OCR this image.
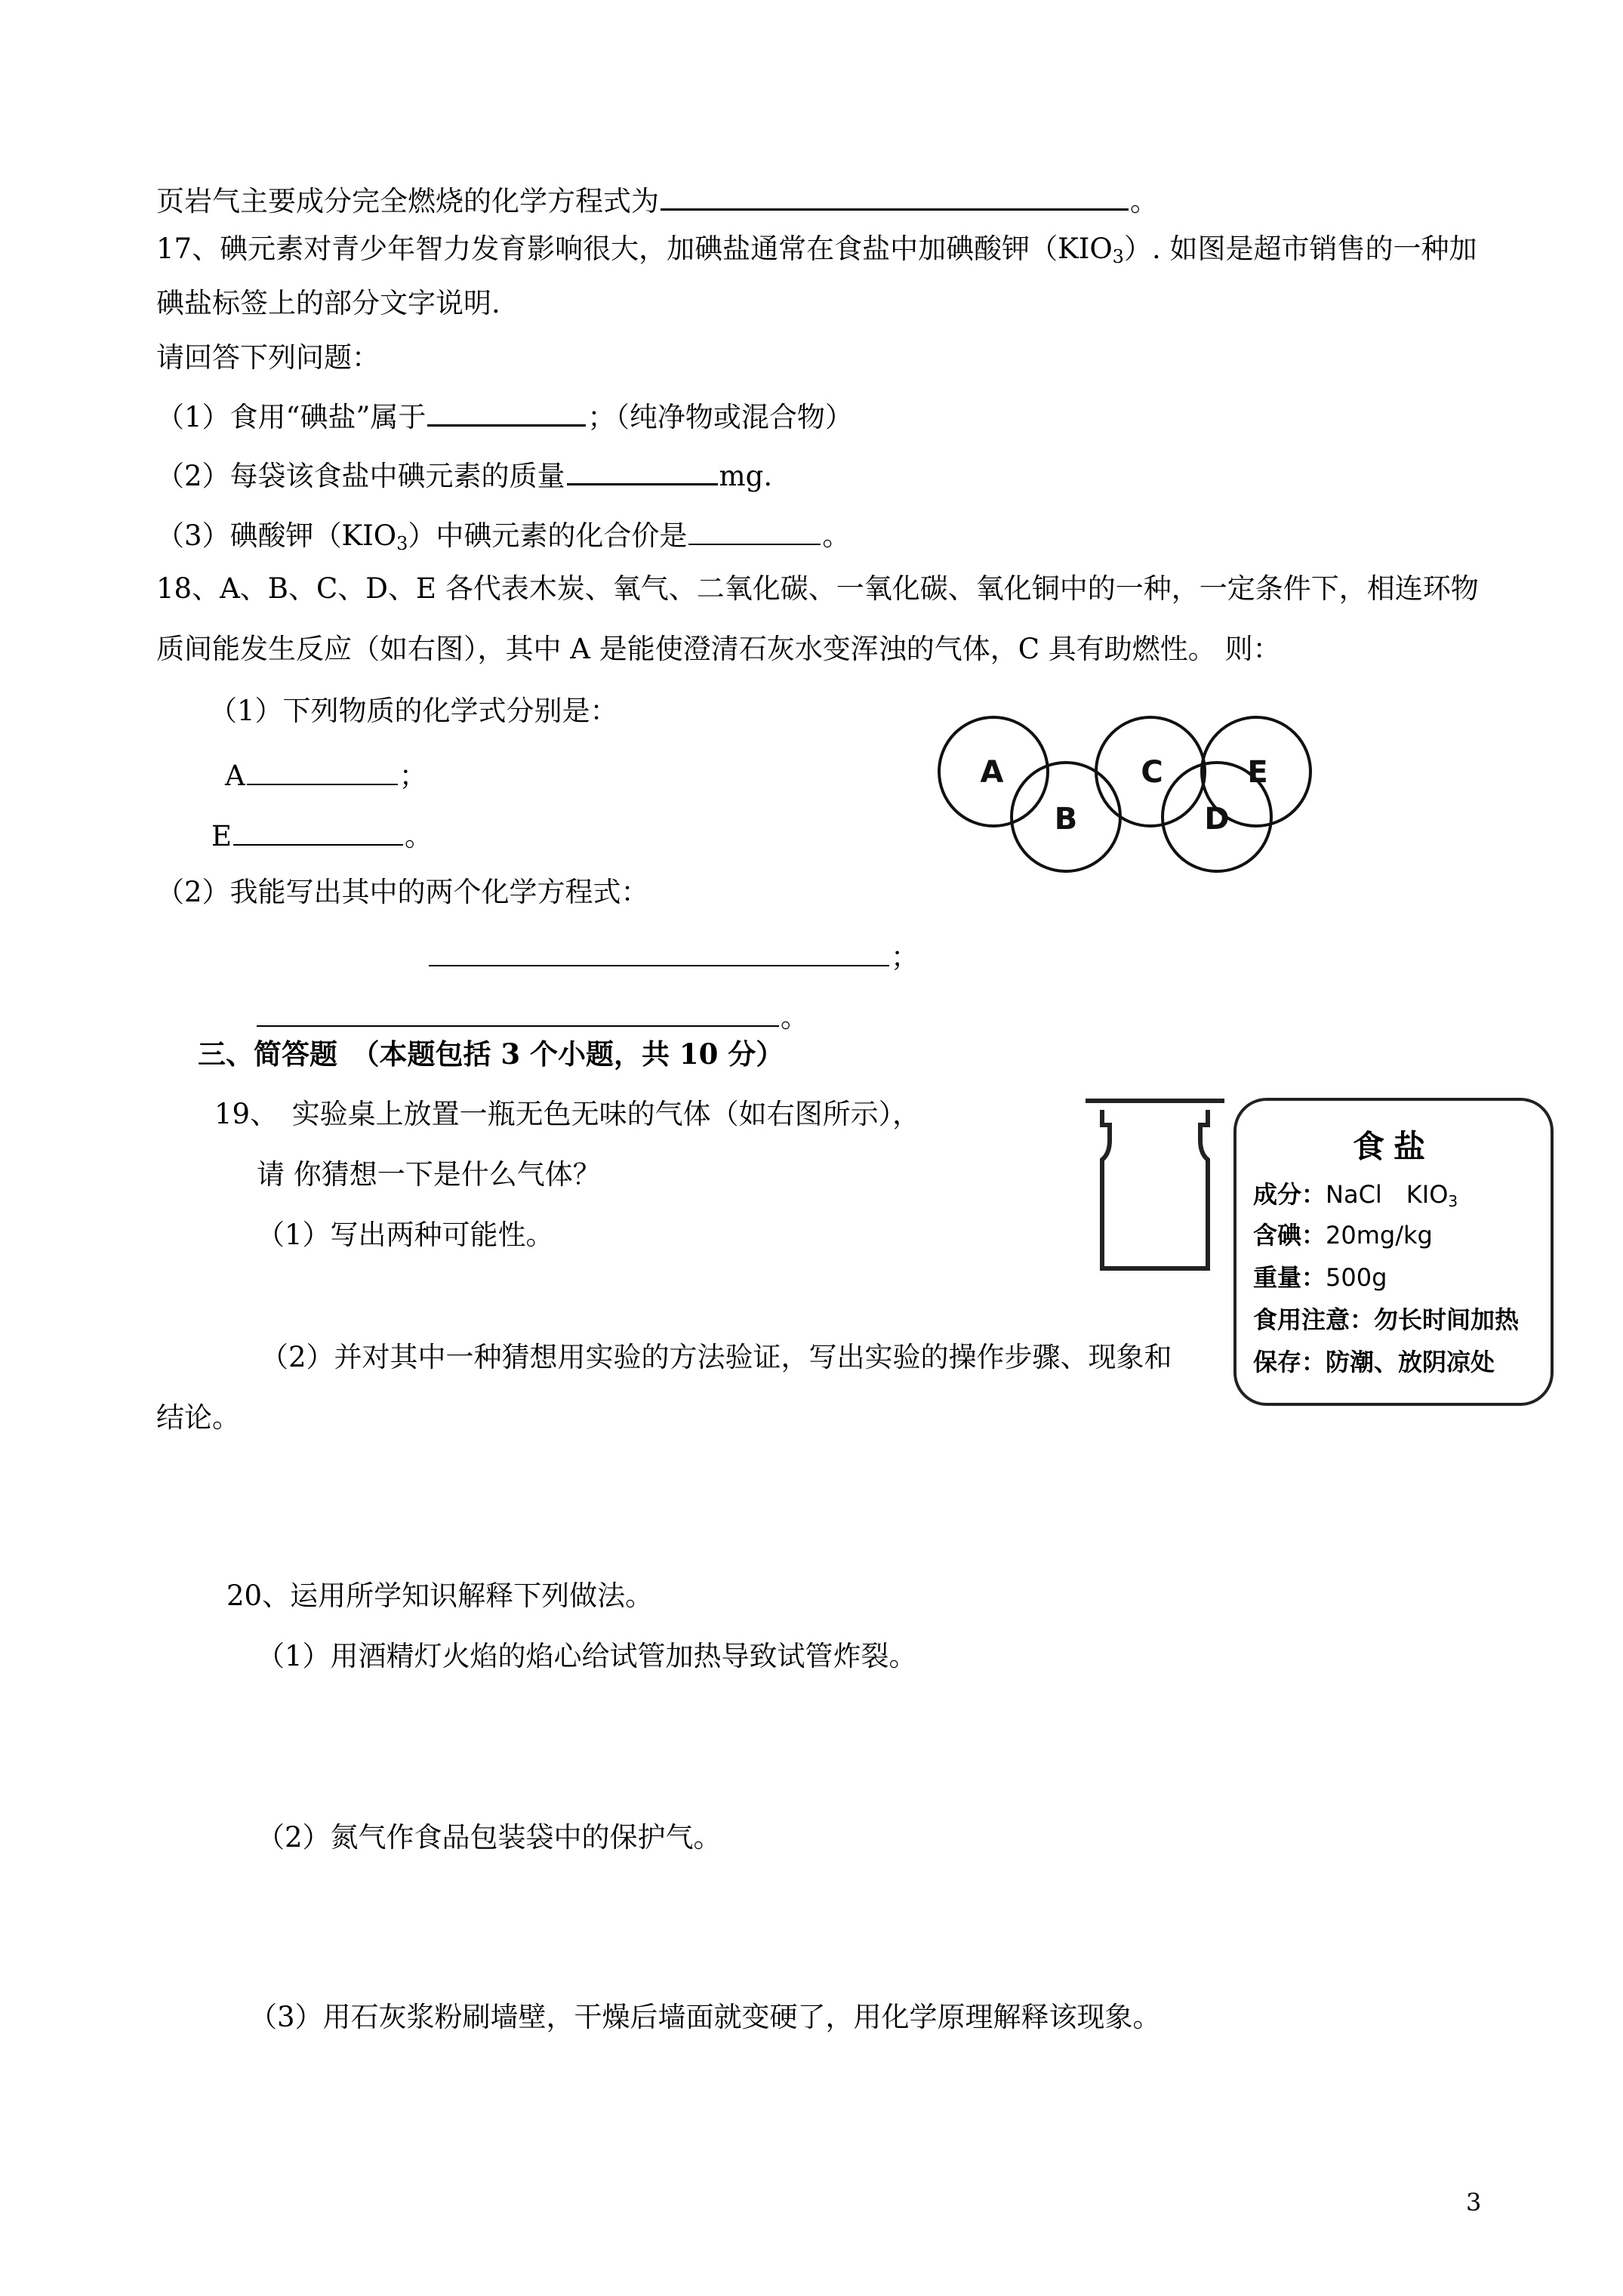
页岩气主要成分完全燃烧的化学方程式为	。
17、碘元素对青少年智力发育影响很大，加碘盐通常在食盐中加碘酸钾$(KIO_3)$. 如图是超市销售的一种加
碘盐标签上的部分文字说明.
请回答下列问题：
（1）食用“碘盐”属于	；（纯净物或混合物）
（2）每袋该食盐中碘元素的质量	mg.
（3）碘酸钾$(KIO_3)$中碘元素的化合价是	。
18、A、B、C、D、E 各代表木炭、氧气、二氧化碳、一氧化碳、氧化铜中的一种，一定条件下，相连环物
质间能发生反应（如右图），其中 A 是能使澄清石灰水变浑浊的气体，C 具有助燃性。 则：
（1）下列物质的化学式分别是：
A	；
E	。
（2）我能写出其中的两个化学方程式：
；
。
A
B
C
D
E
三、简答题　（本题包括 3 个小题，共 10 分）
19、　实验桌上放置一瓶无色无味的气体（如右图所示），
请 你猜想一下是什么气体？
（1）写出两种可能性。
（2）并对其中一种猜想用实验的方法验证，写出实验的操作步骤、现象和
结论。
食盐
成分：NaCl　$KIO_3$
含碘：20mg/kg
重量：500g
食用注意：勿长时间加热
保存：防潮、放阴凉处
20、运用所学知识解释下列做法。
（1）用酒精灯火焰的焰心给试管加热导致试管炸裂。
（2）氮气作食品包装袋中的保护气。
（3）用石灰浆粉刷墙壁，干燥后墙面就变硬了，用化学原理解释该现象。
3
